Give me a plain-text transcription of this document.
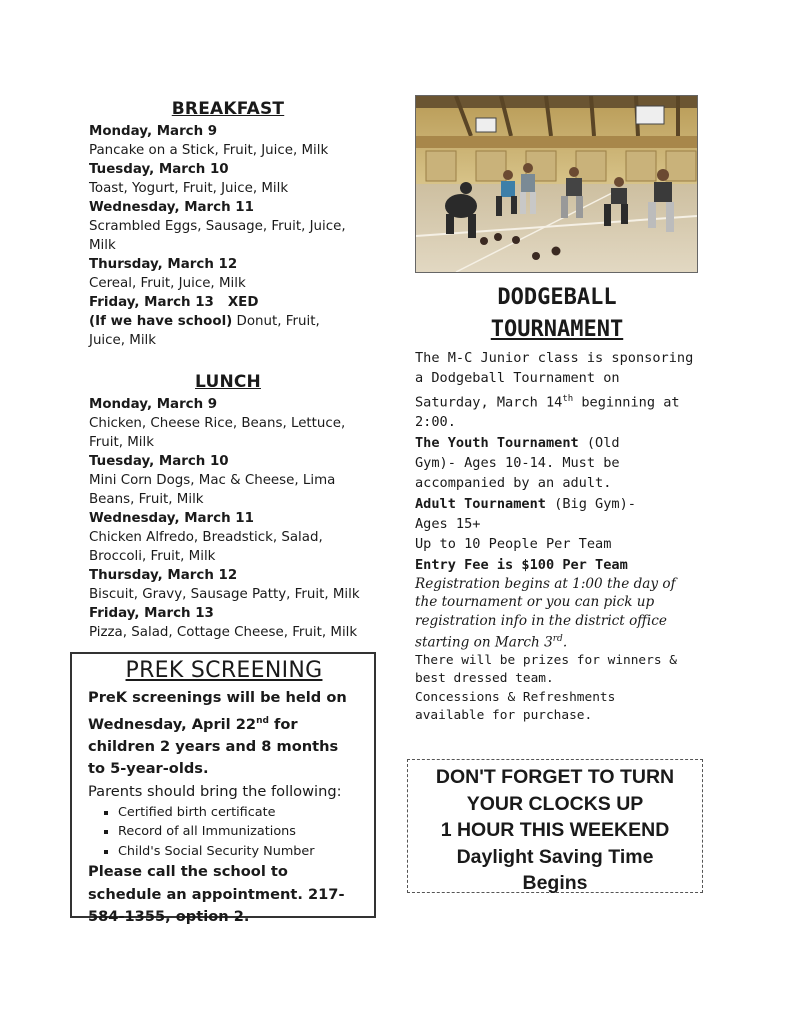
BREAKFAST
Monday, March 9
Pancake on a Stick, Fruit, Juice, Milk
Tuesday, March 10
Toast, Yogurt, Fruit, Juice, Milk
Wednesday, March 11
Scrambled Eggs, Sausage, Fruit, Juice, Milk
Thursday, March 12
Cereal, Fruit, Juice, Milk
Friday, March 13   XED
(If we have school) Donut, Fruit, Juice, Milk
LUNCH
Monday, March 9
Chicken, Cheese Rice, Beans, Lettuce, Fruit, Milk
Tuesday, March 10
Mini Corn Dogs, Mac & Cheese, Lima Beans, Fruit, Milk
Wednesday, March 11
Chicken Alfredo, Breadstick, Salad, Broccoli, Fruit, Milk
Thursday, March 12
Biscuit, Gravy, Sausage Patty, Fruit, Milk
Friday, March 13
Pizza, Salad, Cottage Cheese, Fruit, Milk
PREK SCREENING
PreK screenings will be held on Wednesday, April 22nd for children 2 years and 8 months to 5-year-olds.
Parents should bring the following:
▪ Certified birth certificate
▪ Record of all Immunizations
▪ Child's Social Security Number
Please call the school to schedule an appointment. 217-584-1355, option 2.
DODGEBALL
TOURNAMENT
The M-C Junior class is sponsoring a Dodgeball Tournament on Saturday, March 14th beginning at 2:00.
The Youth Tournament (Old Gym)- Ages 10-14. Must be accompanied by an adult.
Adult Tournament (Big Gym)- Ages 15+
Up to 10 People Per Team
Entry Fee is $100 Per Team
Registration begins at 1:00 the day of the tournament or you can pick up registration info in the district office starting on March 3rd.
There will be prizes for winners & best dressed team.
Concessions & Refreshments available for purchase.
DON'T FORGET TO TURN
YOUR CLOCKS UP
1 HOUR THIS WEEKEND
Daylight Saving Time
Begins
